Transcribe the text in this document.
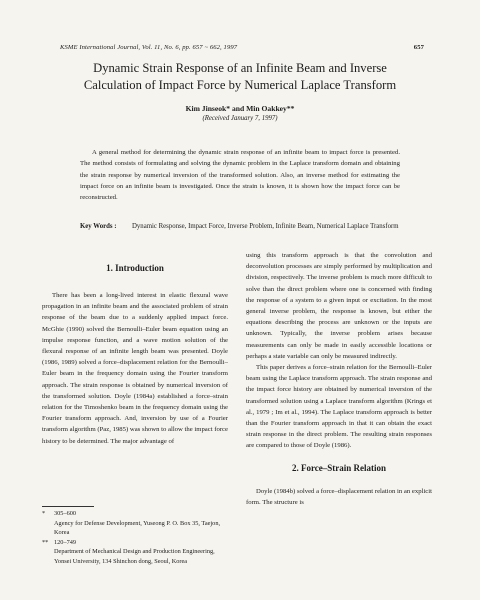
KSME International Journal, Vol. 11, No. 6, pp. 657 ~ 662, 1997	657
Dynamic Strain Response of an Infinite Beam and Inverse
Calculation of Impact Force by Numerical Laplace Transform
Kim Jinseok* and Min Oakkey**
(Received January 7, 1997)

A general method for determining the dynamic strain response of an infinite beam to impact force is presented. The method consists of formulating and solving the dynamic problem in the Laplace transform domain and obtaining the strain response by numerical inversion of the transformed solution. Also, an inverse method for estimating the impact force on an infinite beam is investigated. Once the strain is known, it is shown how the impact force can be reconstructed.

Key Words :	Dynamic Response, Impact Force, Inverse Problem, Infinite Beam, Numerical Laplace Transform
1. Introduction

There has been a long-lived interest in elastic flexural wave propagation in an infinite beam and the associated problem of strain response of the beam due to a suddenly applied impact force. McGhie (1990) solved the Bernoulli–Euler beam equation using an impulse response function, and a wave motion solution of the flexural response of an infinite length beam was presented. Doyle (1986, 1989) solved a force–displacement relation for the Bernoulli–Euler beam in the frequency domain using the Fourier transform approach. The strain response is obtained by numerical inversion of the transformed solution. Doyle (1984a) established a force–strain relation for the Timoshenko beam in the frequency domain using the Fourier transform approach. And, inversion by use of a Fourier transform algorithm (Paz, 1985) was shown to allow the impact force history to be determined. The major advantage of

using this transform approach is that the convolution and deconvolution processes are simply performed by multiplication and division, respectively. The inverse problem is much more difficult to solve than the direct problem where one is concerned with finding the response of a system to a given input or excitation. In the most general inverse problem, the response is known, but either the equations describing the process are unknown or the inputs are unknown. Typically, the inverse problem arises because measurements can only be made in easily accessible locations or perhaps a state variable can only be measured indirectly.

This paper derives a force–strain relation for the Bernoulli–Euler beam using the Laplace transform approach. The strain response and the impact force history are obtained by numerical inversion of the transformed solution using a Laplace transform algorithm (Krings et al., 1979 ; Im et al., 1994). The Laplace transform approach is better than the Fourier transform approach in that it can obtain the exact strain response in the direct problem. The resulting strain responses are compared to those of Doyle (1986).

2. Force–Strain Relation

Doyle (1984b) solved a force–displacement relation in an explicit form. The structure is

* 305–600
Agency for Defense Development, Yuseong P. O. Box 35, Taejon, Korea
** 120–749
Department of Mechanical Design and Production Engineering, Yonsei University, 134 Shinchon dong, Seoul, Korea
